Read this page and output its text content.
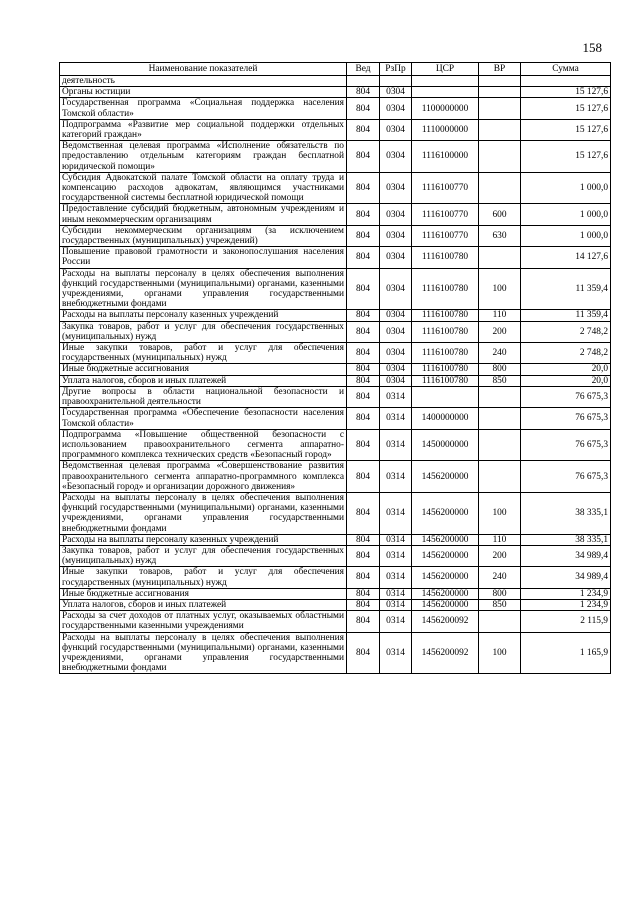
158
Наименование показателей	Вед	РзПр	ЦСР	ВР	Сумма
деятельность					
Органы юстиции	804	0304			15 127,6
Государственная программа «Социальная поддержка населения Томской области»	804	0304	1100000000		15 127,6
Подпрограмма «Развитие мер социальной поддержки отдельных категорий граждан»	804	0304	1110000000		15 127,6
Ведомственная целевая программа «Исполнение обязательств по предоставлению отдельным категориям граждан бесплатной юридической помощи»	804	0304	1116100000		15 127,6
Субсидия Адвокатской палате Томской области на оплату труда и компенсацию расходов адвокатам, являющимся участниками государственной системы бесплатной юридической помощи	804	0304	1116100770		1 000,0
Предоставление субсидий бюджетным, автономным учреждениям и иным некоммерческим организациям	804	0304	1116100770	600	1 000,0
Субсидии некоммерческим организациям (за исключением государственных (муниципальных) учреждений)	804	0304	1116100770	630	1 000,0
Повышение правовой грамотности и законопослушания населения России	804	0304	1116100780		14 127,6
Расходы на выплаты персоналу в целях обеспечения выполнения функций государственными (муниципальными) органами, казенными учреждениями, органами управления государственными внебюджетными фондами	804	0304	1116100780	100	11 359,4
Расходы на выплаты персоналу казенных учреждений	804	0304	1116100780	110	11 359,4
Закупка товаров, работ и услуг для обеспечения государственных (муниципальных) нужд	804	0304	1116100780	200	2 748,2
Иные закупки товаров, работ и услуг для обеспечения государственных (муниципальных) нужд	804	0304	1116100780	240	2 748,2
Иные бюджетные ассигнования	804	0304	1116100780	800	20,0
Уплата налогов, сборов и иных платежей	804	0304	1116100780	850	20,0
Другие вопросы в области национальной безопасности и правоохранительной деятельности	804	0314			76 675,3
Государственная программа «Обеспечение безопасности населения Томской области»	804	0314	1400000000		76 675,3
Подпрограмма «Повышение общественной безопасности с использованием правоохранительного сегмента аппаратно-программного комплекса технических средств «Безопасный город»	804	0314	1450000000		76 675,3
Ведомственная целевая программа «Совершенствование развития правоохранительного сегмента аппаратно-программного комплекса «Безопасный город» и организации дорожного движения»	804	0314	1456200000		76 675,3
Расходы на выплаты персоналу в целях обеспечения выполнения функций государственными (муниципальными) органами, казенными учреждениями, органами управления государственными внебюджетными фондами	804	0314	1456200000	100	38 335,1
Расходы на выплаты персоналу казенных учреждений	804	0314	1456200000	110	38 335,1
Закупка товаров, работ и услуг для обеспечения государственных (муниципальных) нужд	804	0314	1456200000	200	34 989,4
Иные закупки товаров, работ и услуг для обеспечения государственных (муниципальных) нужд	804	0314	1456200000	240	34 989,4
Иные бюджетные ассигнования	804	0314	1456200000	800	1 234,9
Уплата налогов, сборов и иных платежей	804	0314	1456200000	850	1 234,9
Расходы за счет доходов от платных услуг, оказываемых областными государственными казенными учреждениями	804	0314	1456200092		2 115,9
Расходы на выплаты персоналу в целях обеспечения выполнения функций государственными (муниципальными) органами, казенными учреждениями, органами управления государственными внебюджетными фондами	804	0314	1456200092	100	1 165,9
